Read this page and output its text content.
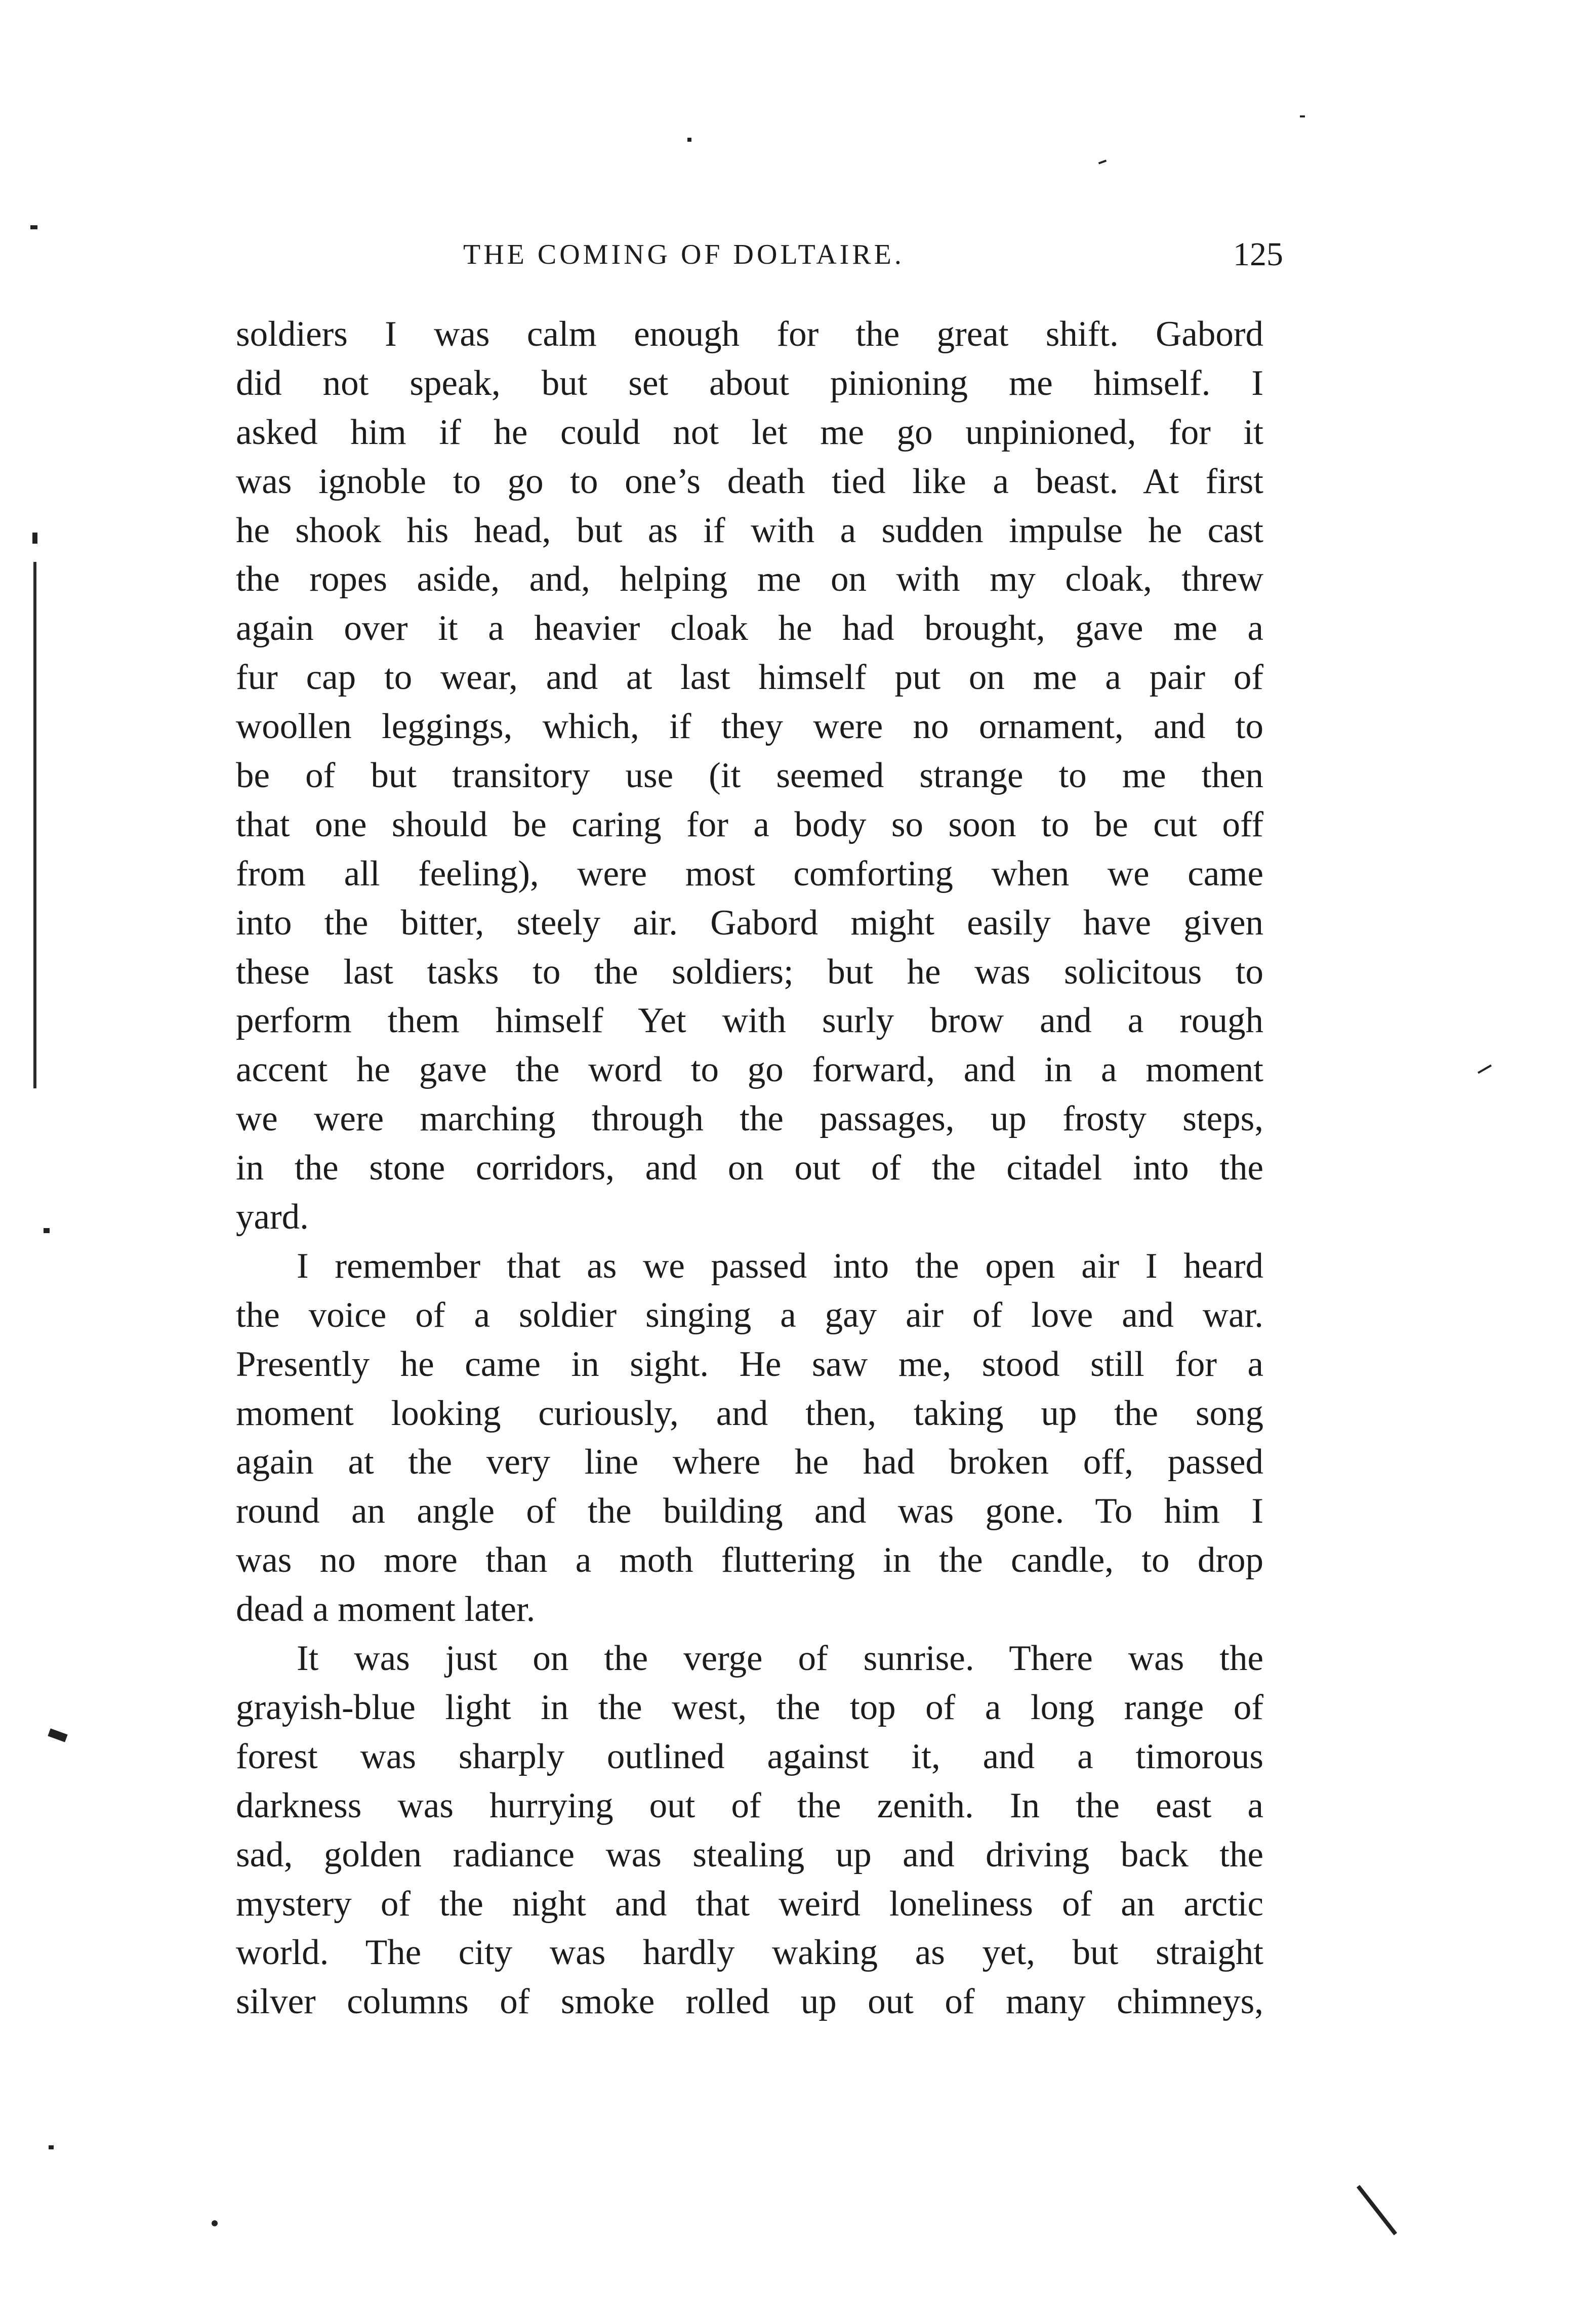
THE COMING OF DOLTAIRE.	125
soldiers I was calm enough for the great shift. Gabord
did not speak, but set about pinioning me himself. I
asked him if he could not let me go unpinioned, for it
was ignoble to go to one’s death tied like a beast. At first
he shook his head, but as if with a sudden impulse he cast
the ropes aside, and, helping me on with my cloak, threw
again over it a heavier cloak he had brought, gave me a
fur cap to wear, and at last himself put on me a pair of
woollen leggings, which, if they were no ornament, and to
be of but transitory use (it seemed strange to me then
that one should be caring for a body so soon to be cut off
from all feeling), were most comforting when we came
into the bitter, steely air. Gabord might easily have given
these last tasks to the soldiers; but he was solicitous to
perform them himself Yet with surly brow and a rough
accent he gave the word to go forward, and in a moment
we were marching through the passages, up frosty steps,
in the stone corridors, and on out of the citadel into the
yard.
I remember that as we passed into the open air I heard
the voice of a soldier singing a gay air of love and war.
Presently he came in sight. He saw me, stood still for a
moment looking curiously, and then, taking up the song
again at the very line where he had broken off, passed
round an angle of the building and was gone. To him I
was no more than a moth fluttering in the candle, to drop
dead a moment later.
It was just on the verge of sunrise. There was the
grayish-blue light in the west, the top of a long range of
forest was sharply outlined against it, and a timorous
darkness was hurrying out of the zenith. In the east a
sad, golden radiance was stealing up and driving back the
mystery of the night and that weird loneliness of an arctic
world. The city was hardly waking as yet, but straight
silver columns of smoke rolled up out of many chimneys,
